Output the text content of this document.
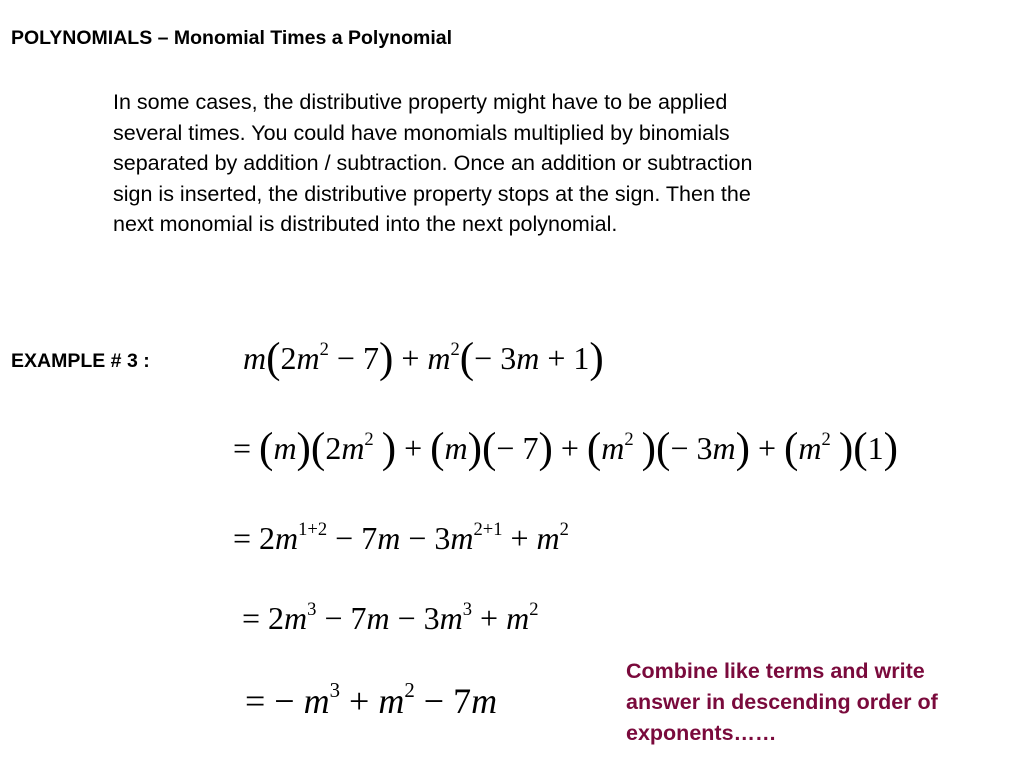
POLYNOMIALS – Monomial Times a Polynomial
In some cases, the distributive property might have to be applied
several times. You could have monomials multiplied by binomials
separated by addition / subtraction. Once an addition or subtraction
sign is inserted, the distributive property stops at the sign. Then the
next monomial is distributed into the next polynomial.
EXAMPLE # 3 :	$m(2m^2 - 7) + m^2(- 3m + 1)$
= $(m)(2m^2$ ) + $(m)(- 7) + (m^2$ )(− $3m) + (m^2$ )(1)
= $2m^{1+2} - 7m - 3m^{2+1} + m^2$
= $2m^3 - 7m - 3m^3 + m^2$
= − $m^3 + m^2 - 7m$
Combine like terms and write
answer in descending order of
exponents……
